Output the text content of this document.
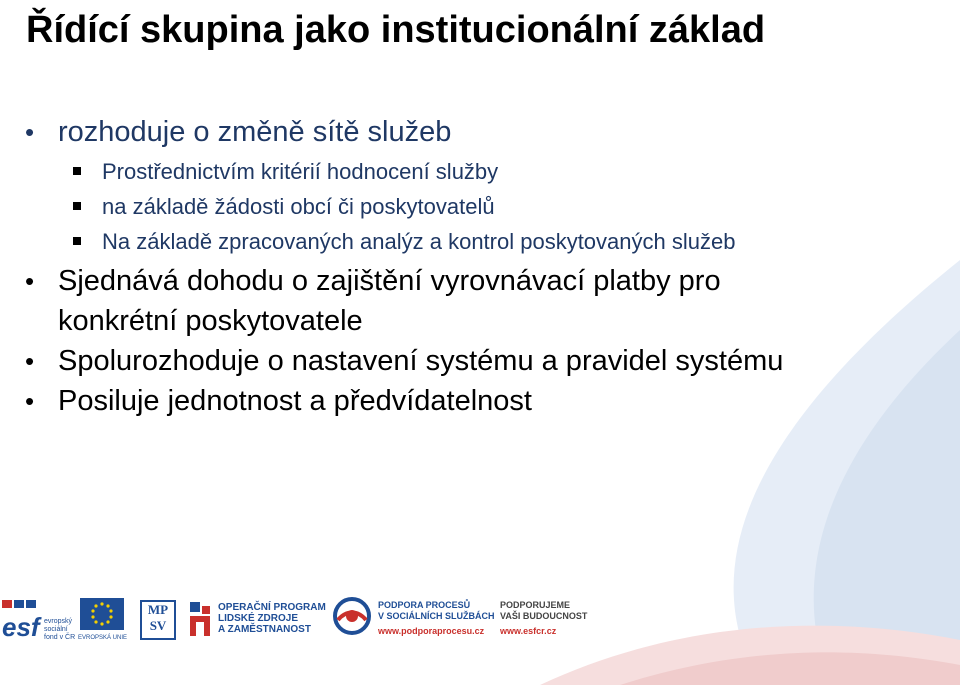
Řídící skupina jako institucionální základ
• rozhoduje o změně sítě služeb
Prostřednictvím kritérií hodnocení služby
na základě žádosti obcí či poskytovatelů
Na základě zpracovaných analýz a kontrol poskytovaných služeb
• Sjednává dohodu o zajištění vyrovnávací platby pro konkrétní poskytovatele
• Spolurozhoduje o nastavení systému a pravidel systému
• Posiluje jednotnost a předvídatelnost
esf evropský
sociální
fond v ČR EVROPSKÁ UNIE
MP
SV
OPERAČNÍ PROGRAM
LIDSKÉ ZDROJE
A ZAMĚSTNANOST
PODPORA PROCESŮ
V SOCIÁLNÍCH SLUŽBÁCH
www.podporaprocesu.cz
PODPORUJEME
VAŠI BUDOUCNOST
www.esfcr.cz
